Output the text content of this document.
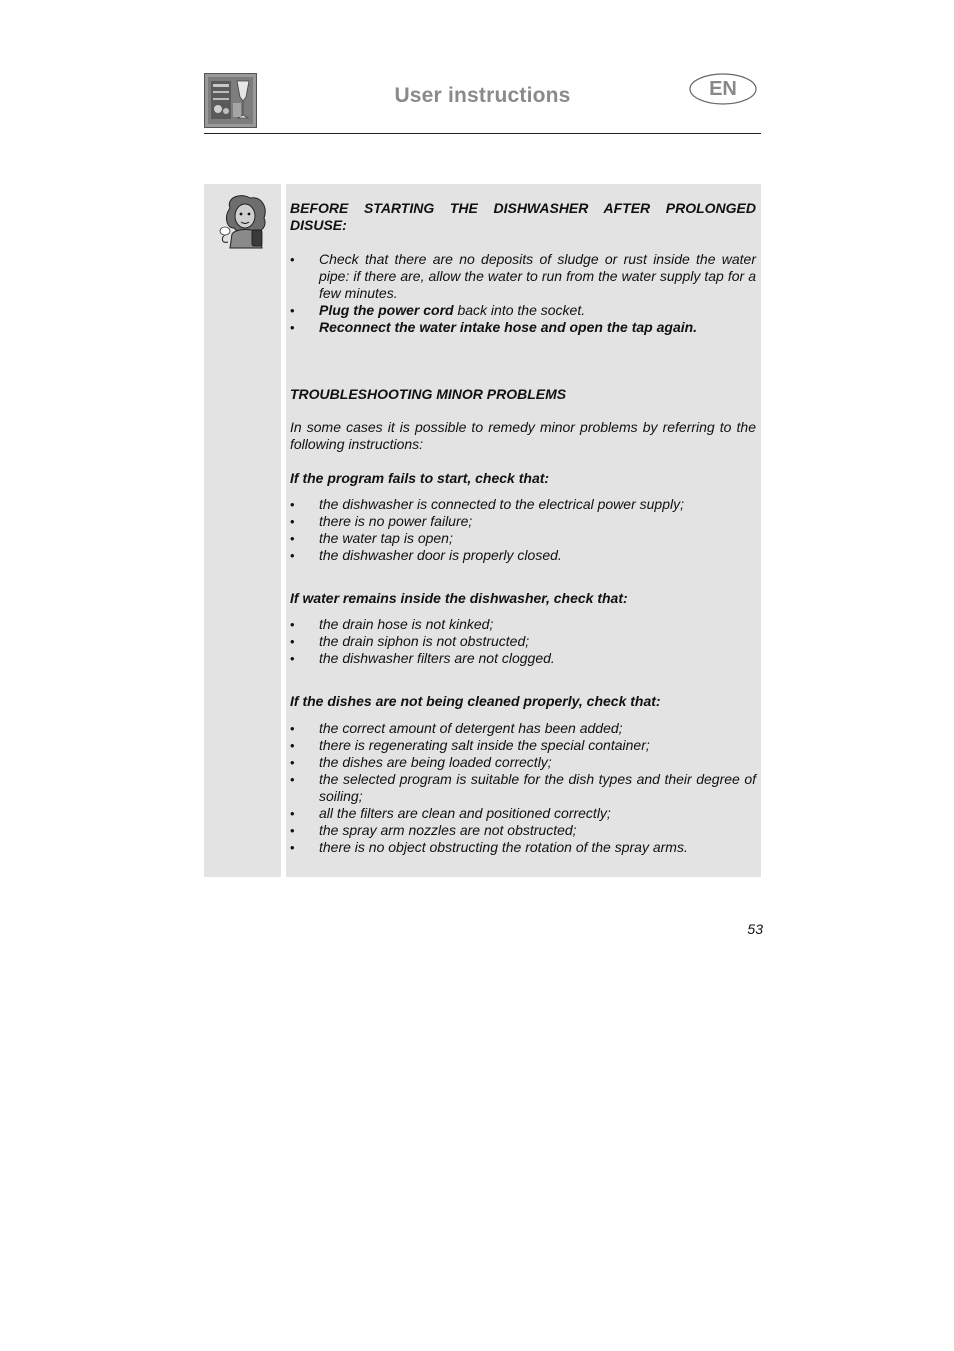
User instructions	EN

BEFORE STARTING THE DISHWASHER AFTER PROLONGED DISUSE:

• Check that there are no deposits of sludge or rust inside the water pipe: if there are, allow the water to run from the water supply tap for a few minutes.
• Plug the power cord back into the socket.
• Reconnect the water intake hose and open the tap again.

TROUBLESHOOTING MINOR PROBLEMS

In some cases it is possible to remedy minor problems by referring to the following instructions:

If the program fails to start, check that:

• the dishwasher is connected to the electrical power supply;
• there is no power failure;
• the water tap is open;
• the dishwasher door is properly closed.

If water remains inside the dishwasher, check that:

• the drain hose is not kinked;
• the drain siphon is not obstructed;
• the dishwasher filters are not clogged.

If the dishes are not being cleaned properly, check that:

• the correct amount of detergent has been added;
• there is regenerating salt inside the special container;
• the dishes are being loaded correctly;
• the selected program is suitable for the dish types and their degree of soiling;
• all the filters are clean and positioned correctly;
• the spray arm nozzles are not obstructed;
• there is no object obstructing the rotation of the spray arms.
53
